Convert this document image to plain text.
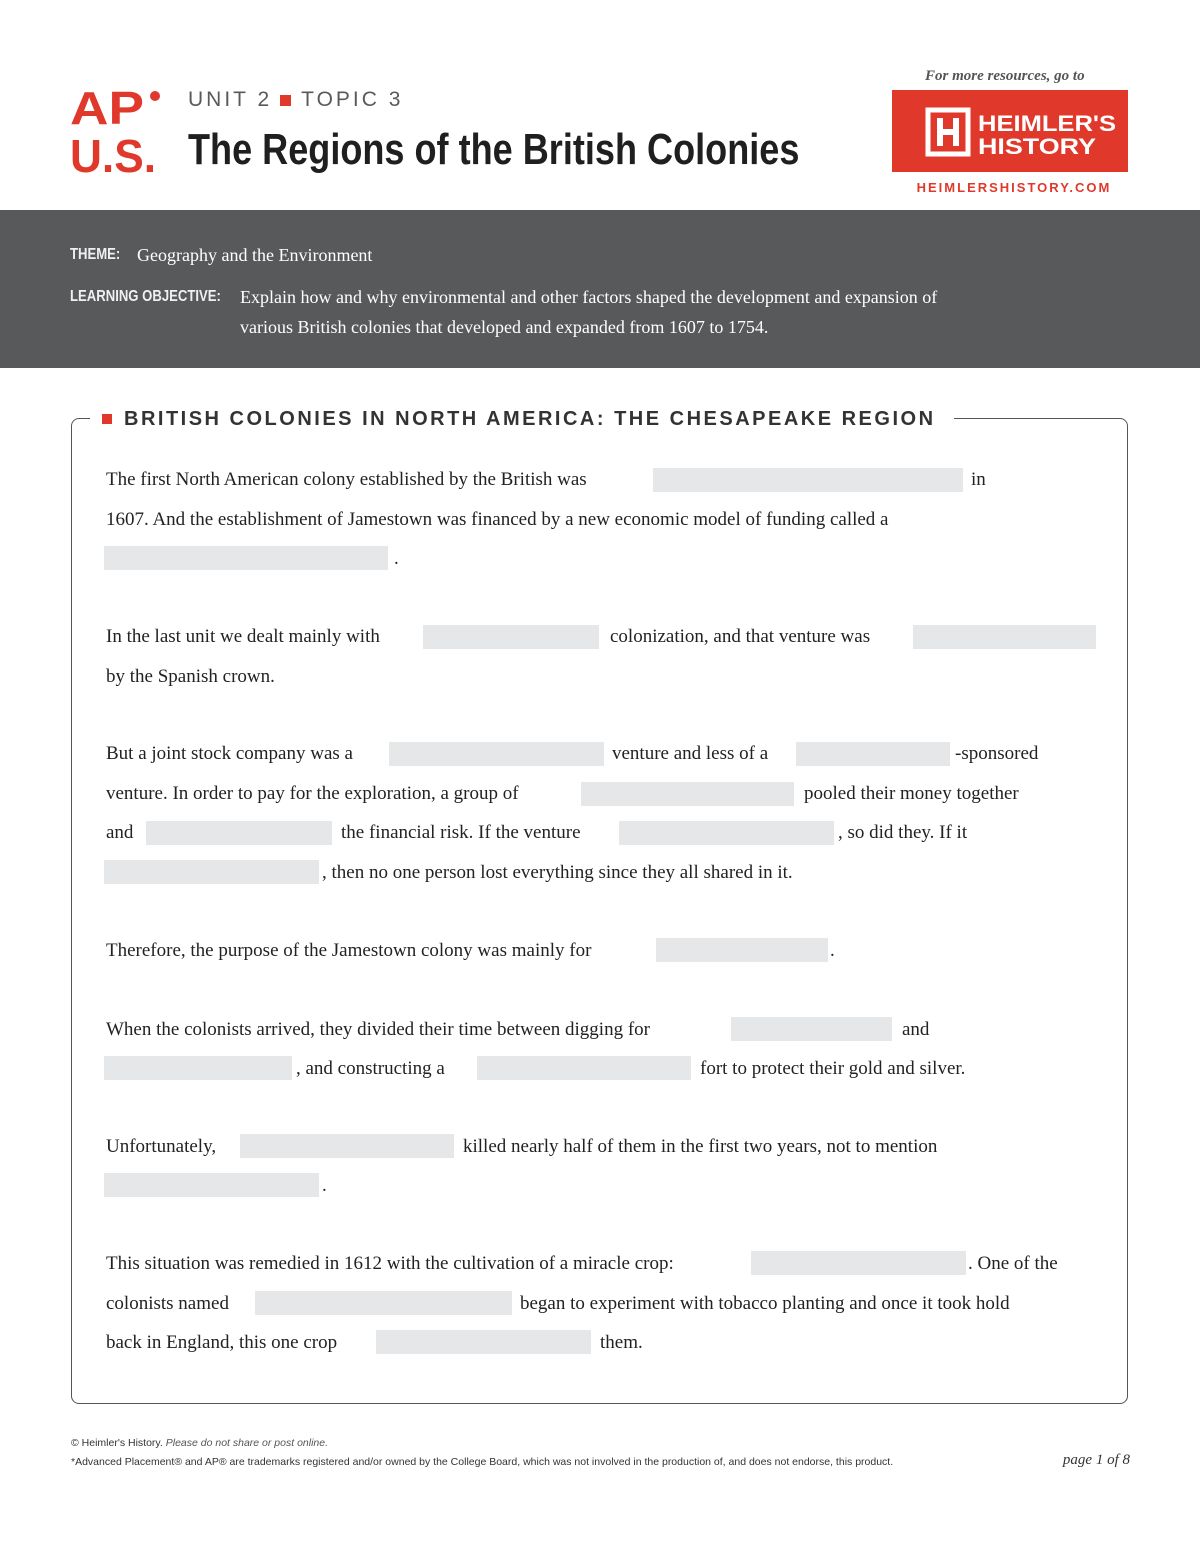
AP
U.S.
UNIT 2 TOPIC 3
The Regions of the British Colonies
For more resources, go to
HEIMLER'S
HISTORY
HEIMLERSHISTORY.COM
THEME: Geography and the Environment
LEARNING OBJECTIVE: Explain how and why environmental and other factors shaped the development and expansion of
various British colonies that developed and expanded from 1607 to 1754.
BRITISH COLONIES IN NORTH AMERICA: THE CHESAPEAKE REGION
The first North American colony established by the British was	in
1607. And the establishment of Jamestown was financed by a new economic model of funding called a
.
In the last unit we dealt mainly with	colonization, and that venture was
by the Spanish crown.
But a joint stock company was a	venture and less of a	-sponsored
venture. In order to pay for the exploration, a group of	pooled their money together
and	the financial risk. If the venture	, so did they. If it
, then no one person lost everything since they all shared in it.
Therefore, the purpose of the Jamestown colony was mainly for	.
When the colonists arrived, they divided their time between digging for	and
, and constructing a	fort to protect their gold and silver.
Unfortunately,	killed nearly half of them in the first two years, not to mention
.
This situation was remedied in 1612 with the cultivation of a miracle crop:	. One of the
colonists named	began to experiment with tobacco planting and once it took hold
back in England, this one crop	them.
© Heimler's History. Please do not share or post online.
*Advanced Placement® and AP® are trademarks registered and/or owned by the College Board, which was not involved in the production of, and does not endorse, this product.	page 1 of 8
